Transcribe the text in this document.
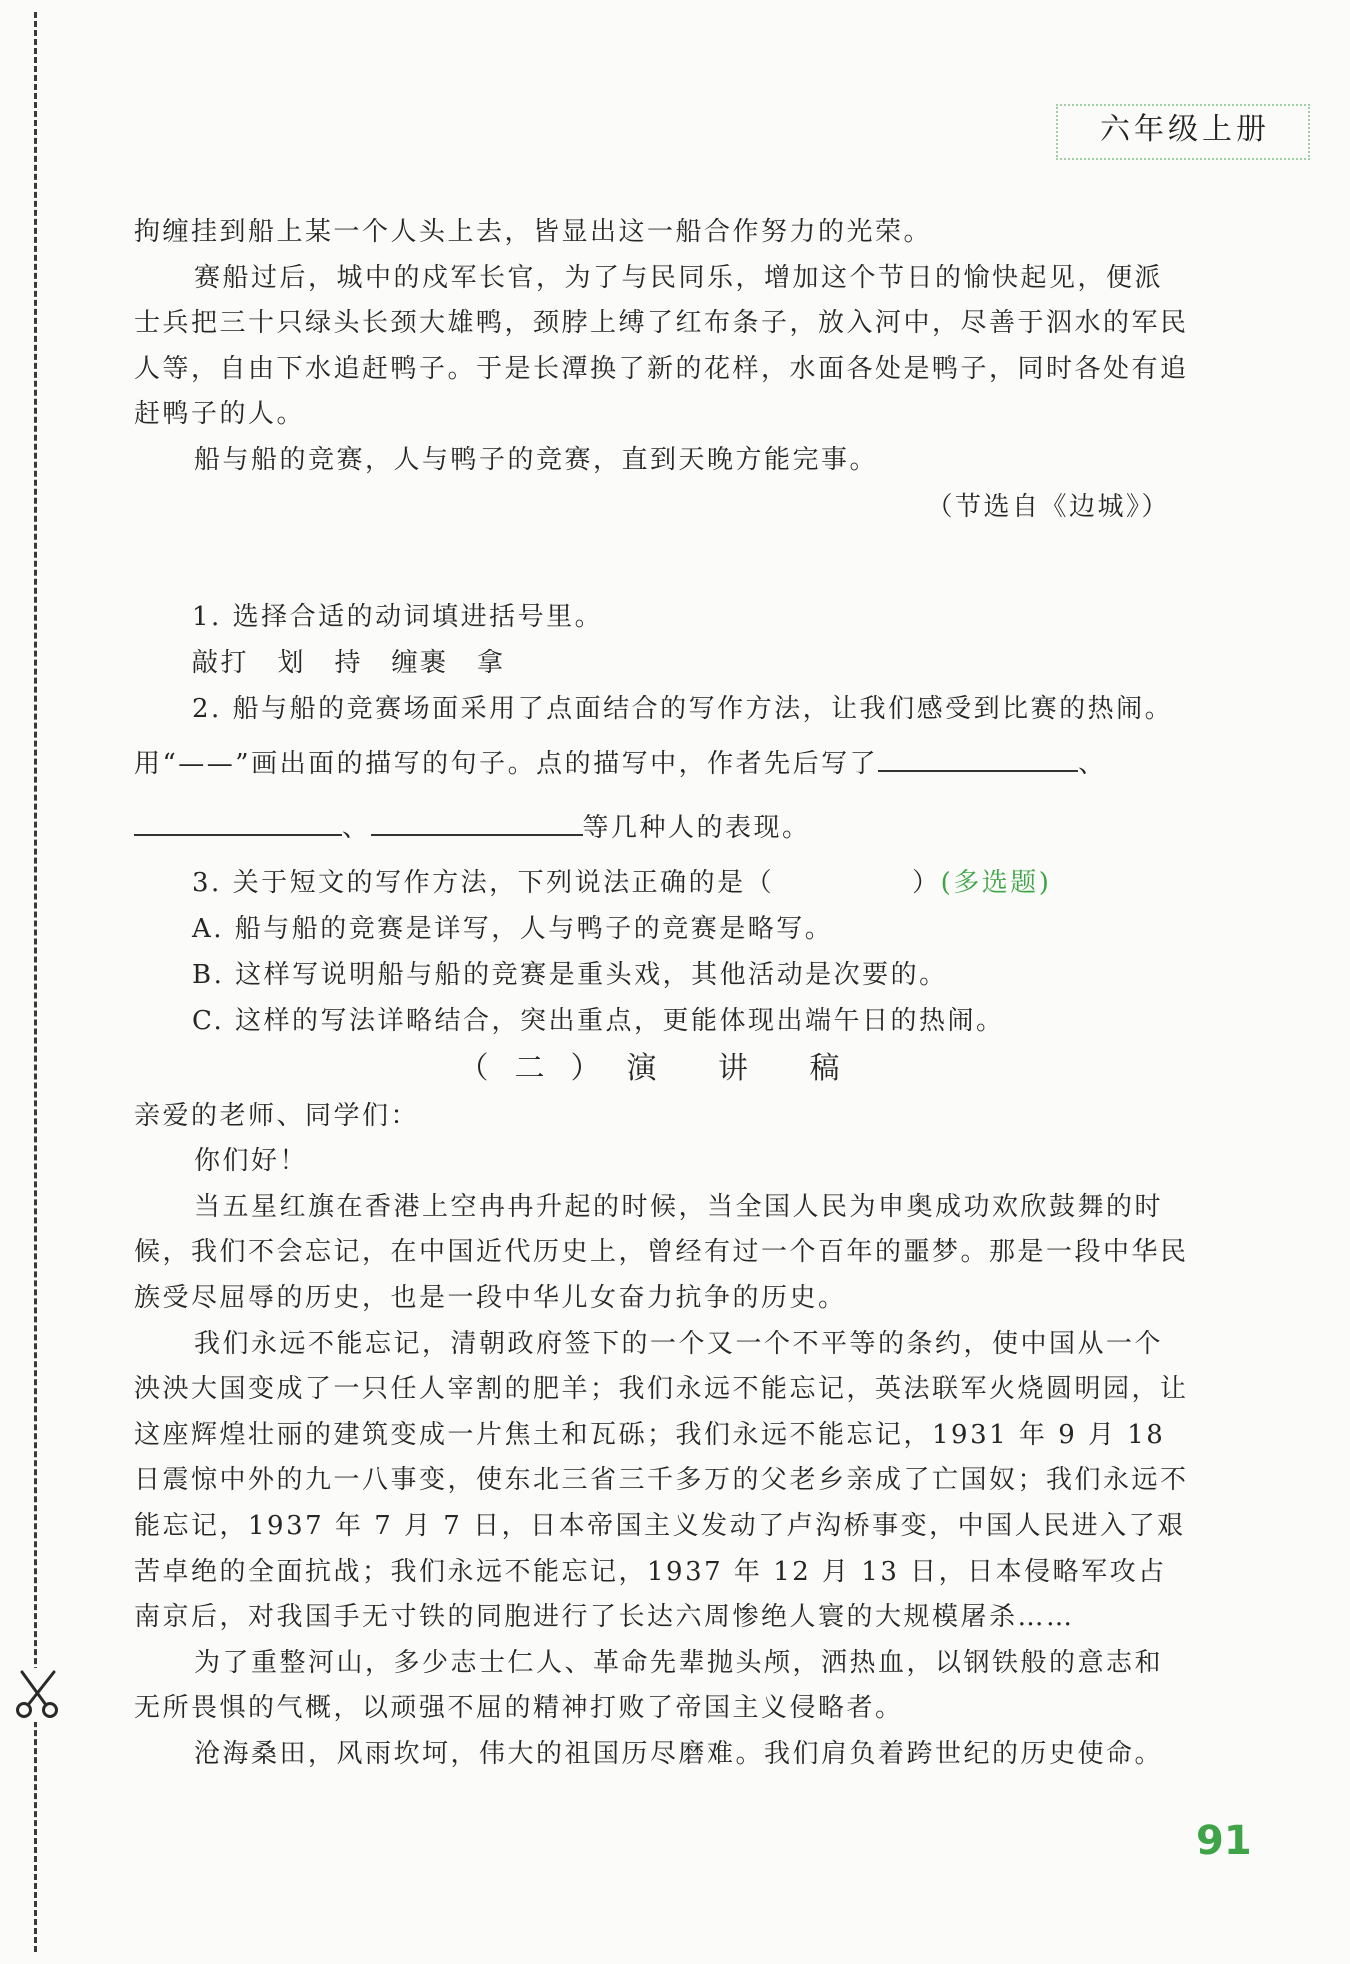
六年级上册

拘缠挂到船上某一个人头上去，皆显出这一船合作努力的光荣。

赛船过后，城中的戍军长官，为了与民同乐，增加这个节日的愉快起见，便派士兵把三十只绿头长颈大雄鸭，颈脖上缚了红布条子，放入河中，尽善于泅水的军民人等，自由下水追赶鸭子。于是长潭换了新的花样，水面各处是鸭子，同时各处有追赶鸭子的人。

船与船的竞赛，人与鸭子的竞赛，直到天晚方能完事。

（节选自《边城》）

1. 选择合适的动词填进括号里。

敲打　划　持　缠裹　拿

2. 船与船的竞赛场面采用了点面结合的写作方法，让我们感受到比赛的热闹。

用“——”画出面的描写的句子。点的描写中，作者先后写了	、

、	等几种人的表现。

3. 关于短文的写作方法，下列说法正确的是（	）(多选题)

A. 船与船的竞赛是详写，人与鸭子的竞赛是略写。

B. 这样写说明船与船的竞赛是重头戏，其他活动是次要的。

C. 这样的写法详略结合，突出重点，更能体现出端午日的热闹。

（二）演 讲 稿

亲爱的老师、同学们：

你们好！

当五星红旗在香港上空冉冉升起的时候，当全国人民为申奥成功欢欣鼓舞的时候，我们不会忘记，在中国近代历史上，曾经有过一个百年的噩梦。那是一段中华民族受尽屈辱的历史，也是一段中华儿女奋力抗争的历史。

我们永远不能忘记，清朝政府签下的一个又一个不平等的条约，使中国从一个泱泱大国变成了一只任人宰割的肥羊；我们永远不能忘记，英法联军火烧圆明园，让这座辉煌壮丽的建筑变成一片焦土和瓦砾；我们永远不能忘记，1931 年 9 月 18 日震惊中外的九一八事变，使东北三省三千多万的父老乡亲成了亡国奴；我们永远不能忘记，1937 年 7 月 7 日，日本帝国主义发动了卢沟桥事变，中国人民进入了艰苦卓绝的全面抗战；我们永远不能忘记，1937 年 12 月 13 日，日本侵略军攻占南京后，对我国手无寸铁的同胞进行了长达六周惨绝人寰的大规模屠杀……

为了重整河山，多少志士仁人、革命先辈抛头颅，洒热血，以钢铁般的意志和无所畏惧的气概，以顽强不屈的精神打败了帝国主义侵略者。

沧海桑田，风雨坎坷，伟大的祖国历尽磨难。我们肩负着跨世纪的历史使命。

91
